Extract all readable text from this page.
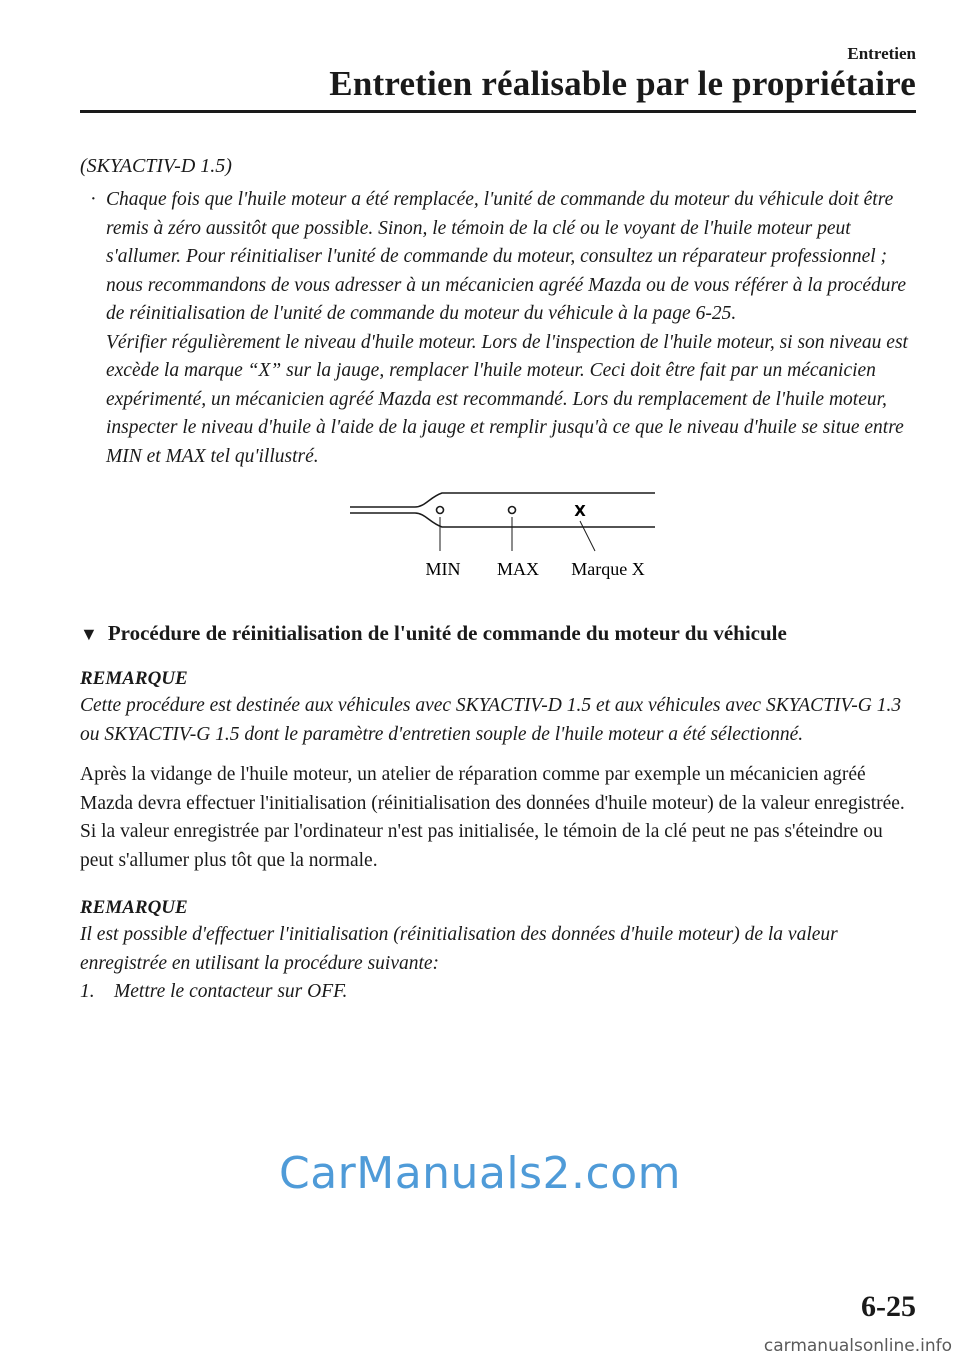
Entretien
Entretien réalisable par le propriétaire
(SKYACTIV-D 1.5)
· Chaque fois que l'huile moteur a été remplacée, l'unité de commande du moteur du véhicule doit être remis à zéro aussitôt que possible. Sinon, le témoin de la clé ou le voyant de l'huile moteur peut s'allumer. Pour réinitialiser l'unité de commande du moteur, consultez un réparateur professionnel ; nous recommandons de vous adresser à un mécanicien agréé Mazda ou de vous référer à la procédure de réinitialisation de l'unité de commande du moteur du véhicule à la page 6-25.
Vérifier régulièrement le niveau d'huile moteur. Lors de l'inspection de l'huile moteur, si son niveau est excède la marque “X” sur la jauge, remplacer l'huile moteur. Ceci doit être fait par un mécanicien expérimenté, un mécanicien agréé Mazda est recommandé. Lors du remplacement de l'huile moteur, inspecter le niveau d'huile à l'aide de la jauge et remplir jusqu'à ce que le niveau d'huile se situe entre MIN et MAX tel qu'illustré.
X
MIN MAX Marque X
▼ Procédure de réinitialisation de l'unité de commande du moteur du véhicule
REMARQUE
Cette procédure est destinée aux véhicules avec SKYACTIV-D 1.5 et aux véhicules avec SKYACTIV-G 1.3 ou SKYACTIV-G 1.5 dont le paramètre d'entretien souple de l'huile moteur a été sélectionné.
Après la vidange de l'huile moteur, un atelier de réparation comme par exemple un mécanicien agréé Mazda devra effectuer l'initialisation (réinitialisation des données d'huile moteur) de la valeur enregistrée. Si la valeur enregistrée par l'ordinateur n'est pas initialisée, le témoin de la clé peut ne pas s'éteindre ou peut s'allumer plus tôt que la normale.
REMARQUE
Il est possible d'effectuer l'initialisation (réinitialisation des données d'huile moteur) de la valeur enregistrée en utilisant la procédure suivante:
1. Mettre le contacteur sur OFF.
CarManuals2.com
6-25
carmanualsonline.info
